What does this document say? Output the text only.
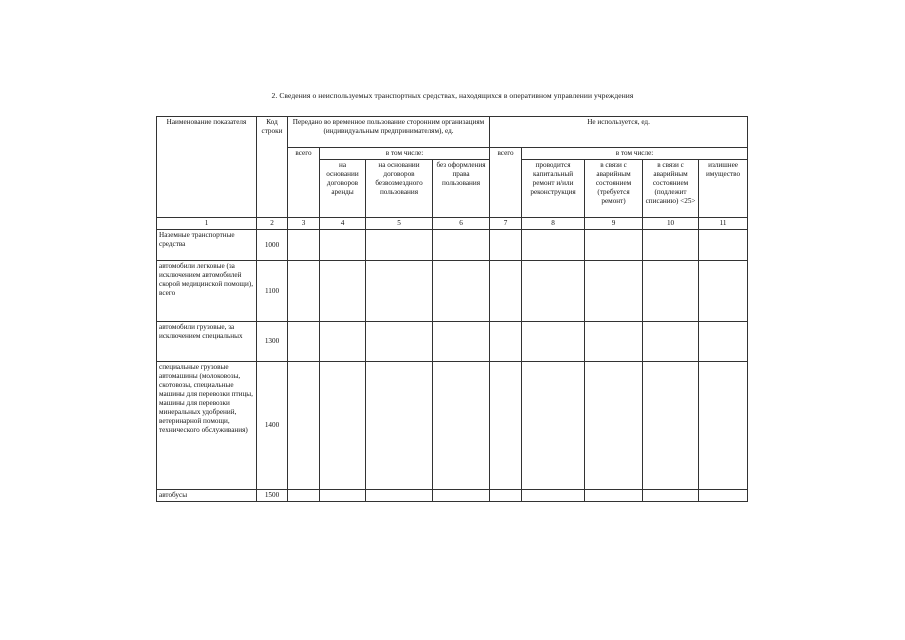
2. Сведения о неиспользуемых транспортных средствах, находящихся в оперативном управлении учреждения
Наименование показателя	Код строки	Передано во временное пользование сторонним организациям (индивидуальным предпринимателям), ед.				Не используется, ед.				
		всего	в том числе:			всего	в том числе:			
			на основании договоров аренды	на основании договоров безвозмездного пользования	без оформления права пользования		проводится капитальный ремонт и/или реконструкция	в связи с аварийным состоянием (требуется ремонт)	в связи с аварийным состоянием (подлежит списанию) <25>	излишнее имущество
1	2	3	4	5	6	7	8	9	10	11
Наземные транспортные средства	1000									
автомобили легковые (за исключением автомобилей скорой медицинской помощи), всего	1100									
автомобили грузовые, за исключением специальных	1300									
специальные грузовые автомашины (молоковозы, скотовозы, специальные машины для перевозки птицы, машины для перевозки минеральных удобрений, ветеринарной помощи, технического обслуживания)	1400									
автобусы	1500									
